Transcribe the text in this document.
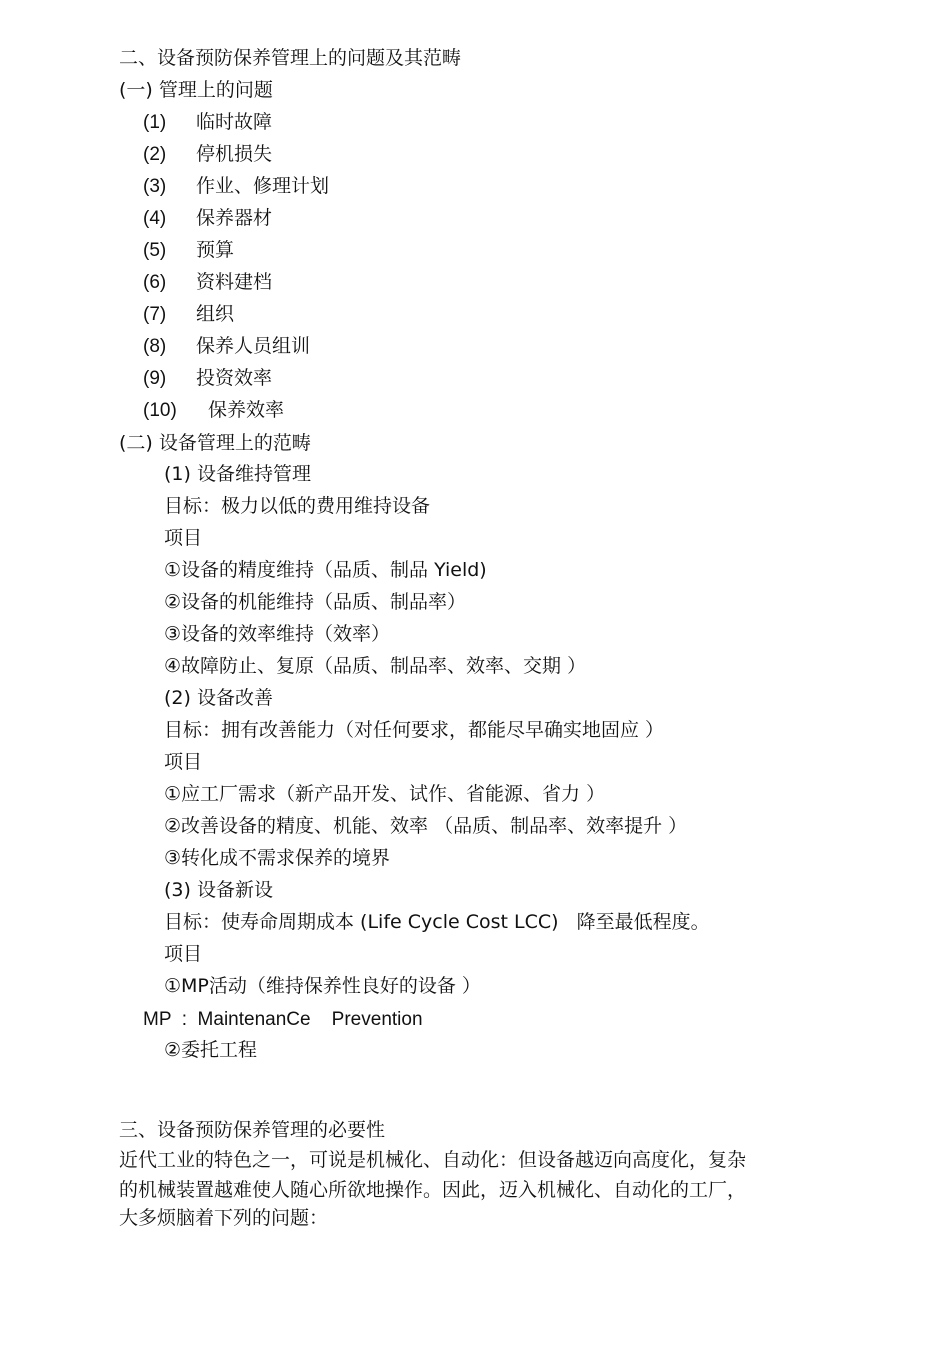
二、设备预防保养管理上的问题及其范畴
(一) 管理上的问题
(1) 临时故障
(2) 停机损失
(3) 作业、修理计划
(4) 保养器材
(5) 预算
(6) 资料建档
(7) 组织
(8) 保养人员组训
(9) 投资效率
(10) 保养效率
(二) 设备管理上的范畴
(1) 设备维持管理
目标：极力以低的费用维持设备
项目
①设备的精度维持（品质、制品 Yield)
②设备的机能维持（品质、制品率）
③设备的效率维持（效率）
④故障防止、复原（品质、制品率、效率、交期 ）
(2) 设备改善
目标：拥有改善能力（对任何要求，都能尽早确实地固应 ）
项目
①应工厂需求（新产品开发、试作、省能源、省力 ）
②改善设备的精度、机能、效率 （品质、制品率、效率提升 ）
③转化成不需求保养的境界
(3) 设备新设
目标：使寿命周期成本 (Life Cycle Cost LCC)   降至最低程度。
项目
①MP活动（维持保养性良好的设备 ）
MP  :  MaintenanCe    Prevention
②委托工程
三、设备预防保养管理的必要性
近代工业的特色之一，可说是机械化、自动化：但设备越迈向高度化，复杂
的机械装置越难使人随心所欲地操作。因此，迈入机械化、自动化的工厂，
大多烦脑着下列的问题：
